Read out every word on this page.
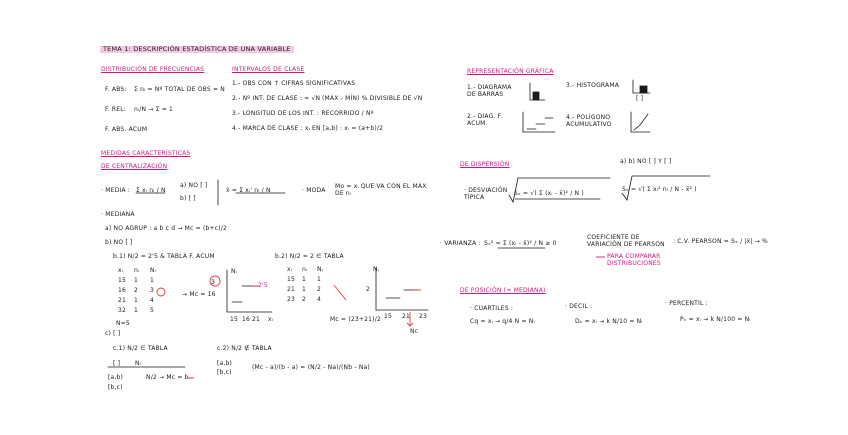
TEMA 1: DESCRIPCIÓN ESTADÍSTICA DE UNA VARIABLE
DISTRIBUCIÓN DE FRECUENCIAS
F. ABS: Σ nᵢ = Nº TOTAL DE OBS = N
F. REL: nᵢ/N → Σ = 1
F. ABS. ACUM
INTERVALOS DE CLASE
1.- OBS CON ↑ CIFRAS SIGNIFICATIVAS
2.- Nº INT. DE CLASE : ≈ √N (MÁX - MÍN) % DIVISIBLE DE √N
3.- LONGITUD DE LOS INT. : RECORRIDO / Nº
4.- MARCA DE CLASE : xᵢ EN [a,b) : xᵢ = (a+b)/2
REPRESENTACIÓN GRÁFICA
1.- DIAGRAMA DE BARRAS
3.- HISTOGRAMA
[ ]
2.- DIAG. F. ACUM.
4.- POLÍGONO ACUMULATIVO
MEDIDAS CARACTERÍSTICAS
DE CENTRALIZACIÓN
· MEDIA : Σ xᵢ nᵢ / N
a) NO [ ]
b) [ ]
x̄ = Σ xᵢ' nᵢ / N	· MODA
Mo = xᵢ QUE VA CON EL MÁX DE nᵢ
· MEDIANA
a) NO AGRUP : a b c d → Mc = (b+c)/2
b) NO [ ]
b.1) N/2 = 2'5 & TABLA F. ACUM	b.2) N/2 = 2 ∈ TABLA
→ Mc = 16
N=5
Mc = (23+21)/2
c) [ ]
c.1) N/2 ∈ TABLA
[ ]       Nᵢ
[a,b)	N/2 → Mc = b
[b,c)
c.2) N/2 ∉ TABLA
[a,b)
[b,c)
(Mc - a)/(b - a) = (N/2 - Na)/(Nb - Na)
DE DISPERSIÓN	a) b) NO [ ] Y [ ]
· DESVIACIÓN TÍPICA
Sₓ = √( Σ (xᵢ - x̄)² / N )
Sₓ = √( Σ xᵢ² nᵢ / N - x̄² )
· VARIANZA : Sₓ² = Σ (xᵢ - x̄)² / N ≥ 0
COEFICIENTE DE VARIACIÓN DE PEARSON	: C.V. PEARSON = Sₓ / |x̄| → %
PARA COMPARAR DISTRIBUCIONES
DE POSICIÓN (≈ MEDIANA)
· CUARTILES :
Cq = xᵢ → q/4 N = Nᵢ
· DECIL :
Dₖ = xᵢ → k N/10 = Nᵢ
· PERCENTIL :
Pₖ = xᵢ → k N/100 = Nᵢ
Nᵢ
3	2'5
15 16 21 xᵢ
Nᵢ
2
15 21 23
Nc
xᵢ nᵢ Nᵢ
15 1 1
16 2 3
21 1 4
32 1 5
xᵢ nᵢ Nᵢ
15 1 1
21 1 2
23 2 4
